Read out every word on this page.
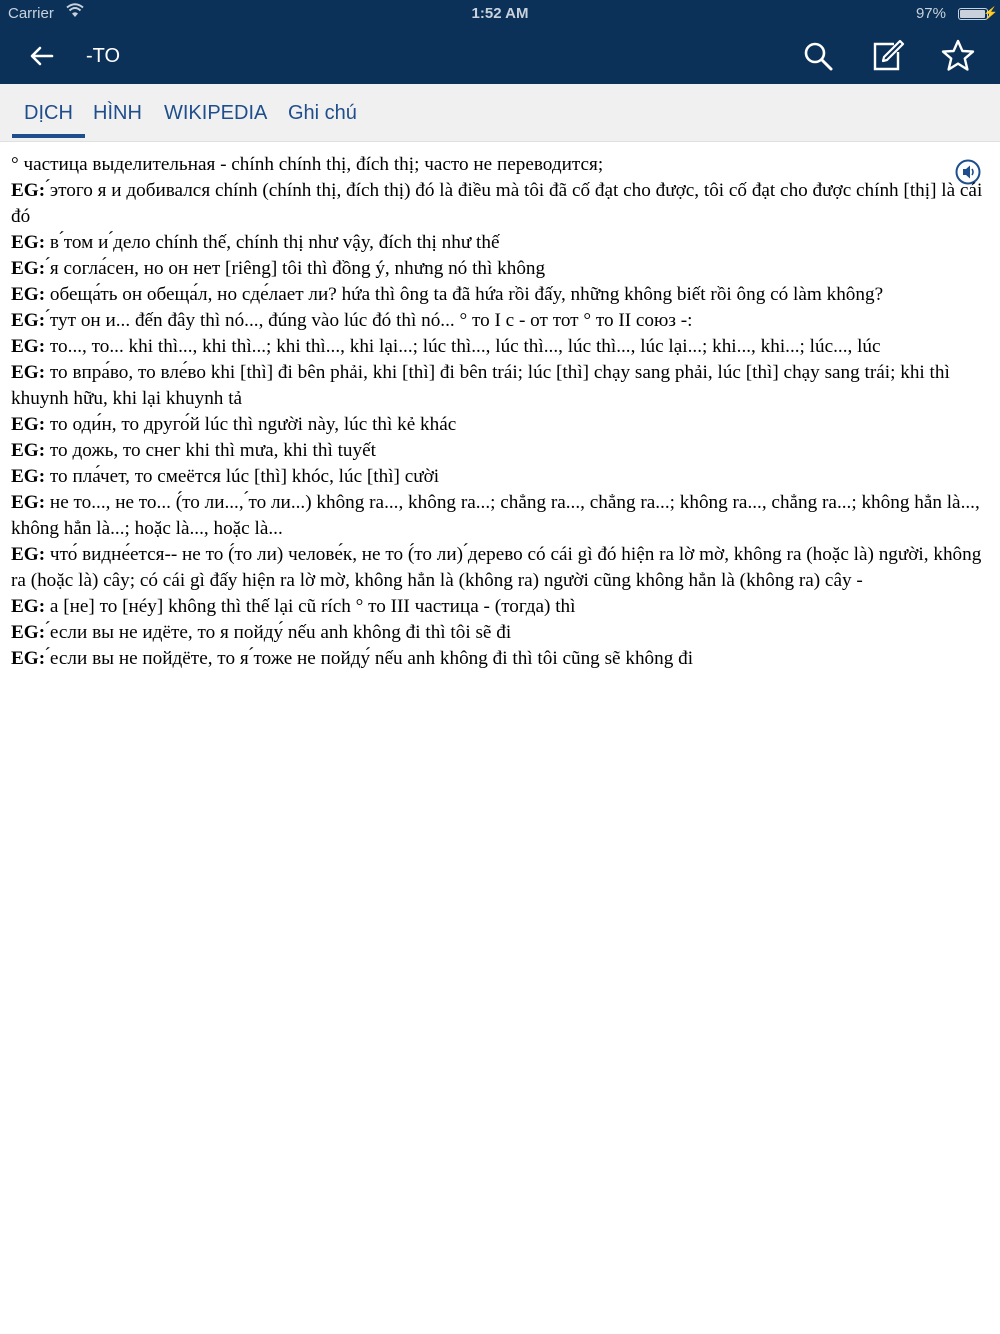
Carrier	1:52 AM	97%	⚡
-TO
DỊCH HÌNH WIKIPEDIA Ghi chú

° частица выделительная - chính chính thị, đích thị; часто не переводится;

EG: ́этого я и добивался chính (chính thị, đích thị) đó là điều mà tôi đã cố đạt cho được, tôi cố đạt cho được chính [thị] là cái đó

EG: в ́том и ́дело chính thế, chính thị như vậy, đích thị như thế

EG: ́я согла́сен, но он нет [riêng] tôi thì đồng ý, nhưng nó thì không

EG: обеща́ть он обеща́л, но сде́лает ли? hứa thì ông ta đã hứa rồi đấy, những không biết rồi ông có làm không?

EG: ́тут он и... đến đây thì nó..., đúng vào lúc đó thì nó... ° то I с - от тот ° то II союз -:

EG: то..., то... khi thì..., khi thì...; khi thì..., khi lại...; lúc thì..., lúc thì..., lúc thì..., lúc lại...; khi..., khi...; lúc..., lúc

EG: то впра́во, то вле́во khi [thì] đi bên phải, khi [thì] đi bên trái; lúc [thì] chạy sang phải, lúc [thì] chạy sang trái; khi thì khuynh hữu, khi lại khuynh tả

EG: то оди́н, то друго́й lúc thì người này, lúc thì kẻ khác

EG: то дожь, то снег khi thì mưa, khi thì tuyết

EG: то пла́чет, то смеётся lúc [thì] khóc, lúc [thì] cười

EG: не то..., не то... (́то ли..., ́то ли...) không ra..., không ra...; chẳng ra..., chẳng ra...; không ra..., chẳng ra...; không hẳn là..., không hẳn là...; hoặc là..., hoặc là...

EG: что́ видне́ется-- не то (́то ли) челове́к, не то (́то ли) ́дерево có cái gì đó hiện ra lờ mờ, không ra (hoặc là) người, không ra (hoặc là) cây; có cái gì đấy hiện ra lờ mờ, không hẳn là (không ra) người cũng không hẳn là (không ra) cây -

EG: а [не] то [нéу] không thì thế lại cũ rích ° то III частица - (тогда) thì

EG: ́если вы не идёте, то я пойду́ nếu anh không đi thì tôi sẽ đi

EG: ́если вы не пойдёте, то я ́тоже не пойду́ nếu anh không đi thì tôi cũng sẽ không đi
